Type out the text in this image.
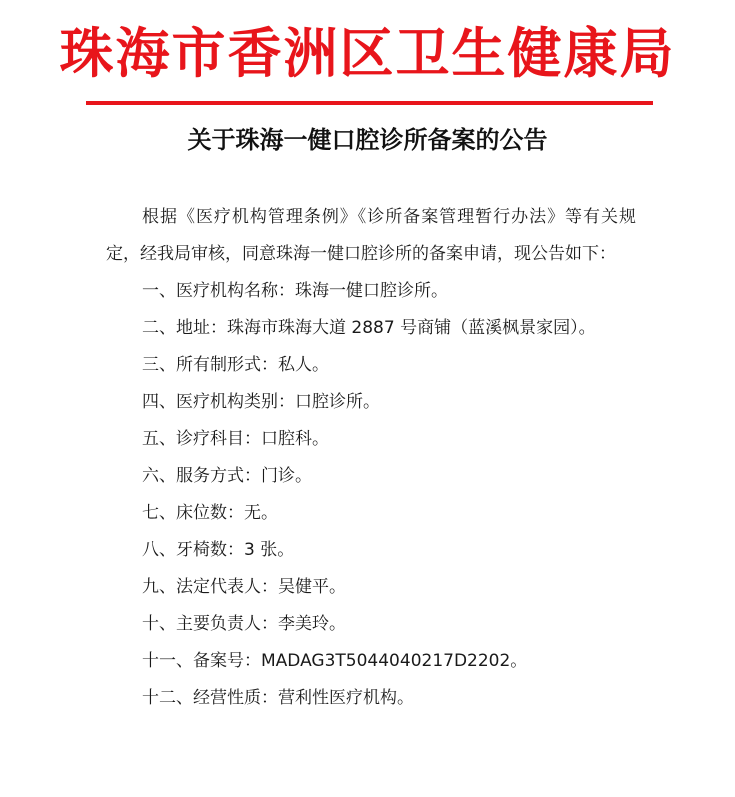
珠海市香洲区卫生健康局
关于珠海一健口腔诊所备案的公告

根据《医疗机构管理条例》《诊所备案管理暂行办法》等有关规定，经我局审核，同意珠海一健口腔诊所的备案申请，现公告如下：

一、医疗机构名称：珠海一健口腔诊所。

二、地址：珠海市珠海大道 2887 号商铺（蓝溪枫景家园）。

三、所有制形式：私人。

四、医疗机构类别：口腔诊所。

五、诊疗科目：口腔科。

六、服务方式：门诊。

七、床位数：无。

八、牙椅数：3 张。

九、法定代表人：吴健平。

十、主要负责人：李美玲。

十一、备案号：MADAG3T5044040217D2202。

十二、经营性质：营利性医疗机构。
